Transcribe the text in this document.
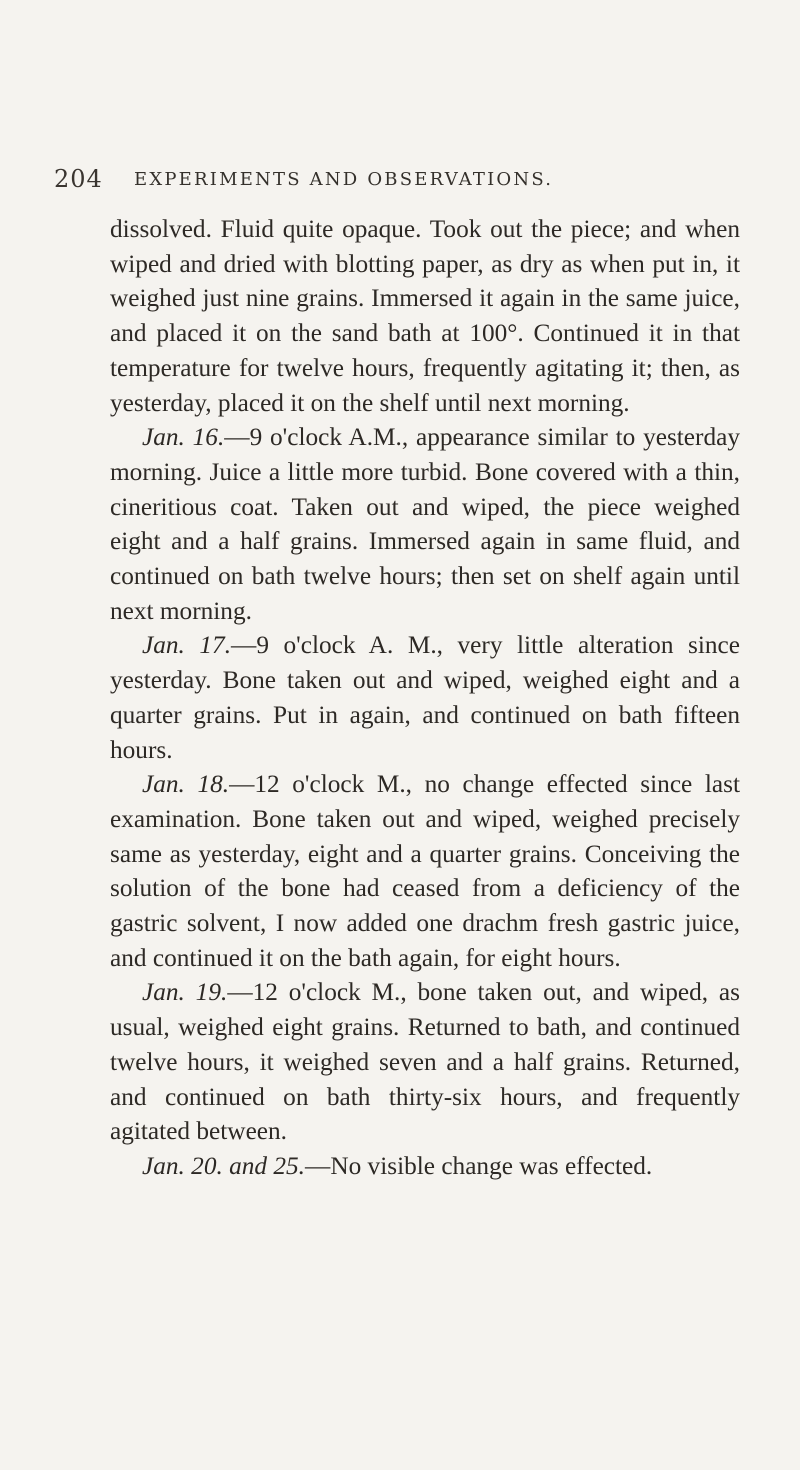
204 EXPERIMENTS AND OBSERVATIONS.

dissolved. Fluid quite opaque. Took out the piece; and when wiped and dried with blotting paper, as dry as when put in, it weighed just nine grains. Immersed it again in the same juice, and placed it on the sand bath at 100°. Continued it in that temperature for twelve hours, frequently agitating it; then, as yesterday, placed it on the shelf until next morning.

Jan. 16.—9 o'clock A.M., appearance similar to yesterday morning. Juice a little more turbid. Bone covered with a thin, cineritious coat. Taken out and wiped, the piece weighed eight and a half grains. Immersed again in same fluid, and continued on bath twelve hours; then set on shelf again until next morning.

Jan. 17.—9 o'clock A. M., very little alteration since yesterday. Bone taken out and wiped, weighed eight and a quarter grains. Put in again, and continued on bath fifteen hours.

Jan. 18.—12 o'clock M., no change effected since last examination. Bone taken out and wiped, weighed precisely same as yesterday, eight and a quarter grains. Conceiving the solution of the bone had ceased from a deficiency of the gastric solvent, I now added one drachm fresh gastric juice, and continued it on the bath again, for eight hours.

Jan. 19.—12 o'clock M., bone taken out, and wiped, as usual, weighed eight grains. Returned to bath, and continued twelve hours, it weighed seven and a half grains. Returned, and continued on bath thirty-six hours, and frequently agitated between.

Jan. 20. and 25.—No visible change was effected.
